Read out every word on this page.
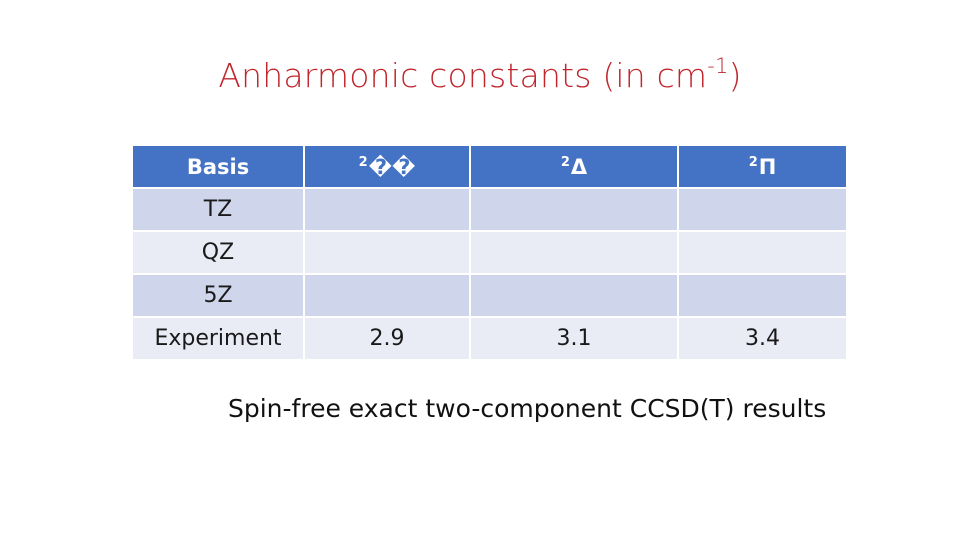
Anharmonic constants (in $cm^{-1}$)
Basis	$^2$��	$^2$Δ	$^2$Π
TZ			
QZ			
5Z			
Experiment	2.9	3.1	3.4
Spin-free exact two-component CCSD(T) results
